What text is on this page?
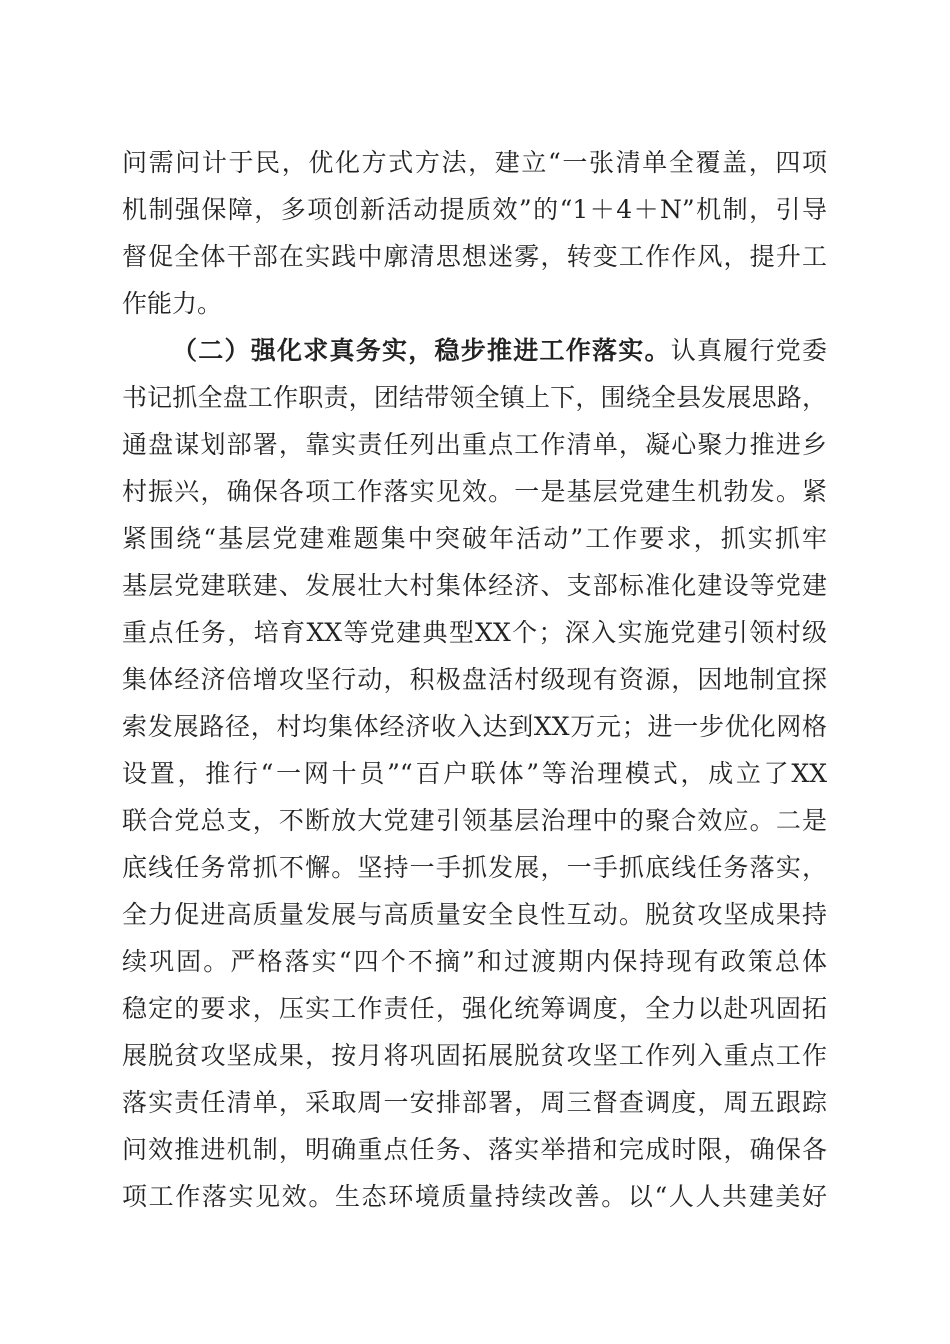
问需问计于民，优化方式方法，建立“一张清单全覆盖，四项
机制强保障，多项创新活动提质效”的“1＋4＋N”机制，引导
督促全体干部在实践中廓清思想迷雾，转变工作作风，提升工
作能力。
（二）强化求真务实，稳步推进工作落实。认真履行党委
书记抓全盘工作职责，团结带领全镇上下，围绕全县发展思路，
通盘谋划部署，靠实责任列出重点工作清单，凝心聚力推进乡
村振兴，确保各项工作落实见效。一是基层党建生机勃发。紧
紧围绕“基层党建难题集中突破年活动”工作要求，抓实抓牢
基层党建联建、发展壮大村集体经济、支部标准化建设等党建
重点任务，培育XX等党建典型XX个；深入实施党建引领村级
集体经济倍增攻坚行动，积极盘活村级现有资源，因地制宜探
索发展路径，村均集体经济收入达到XX万元；进一步优化网格
设置，推行“一网十员”“百户联体”等治理模式，成立了XX
联合党总支，不断放大党建引领基层治理中的聚合效应。二是
底线任务常抓不懈。坚持一手抓发展，一手抓底线任务落实，
全力促进高质量发展与高质量安全良性互动。脱贫攻坚成果持
续巩固。严格落实“四个不摘”和过渡期内保持现有政策总体
稳定的要求，压实工作责任，强化统筹调度，全力以赴巩固拓
展脱贫攻坚成果，按月将巩固拓展脱贫攻坚工作列入重点工作
落实责任清单，采取周一安排部署，周三督查调度，周五跟踪
问效推进机制，明确重点任务、落实举措和完成时限，确保各
项工作落实见效。生态环境质量持续改善。以“人人共建美好
